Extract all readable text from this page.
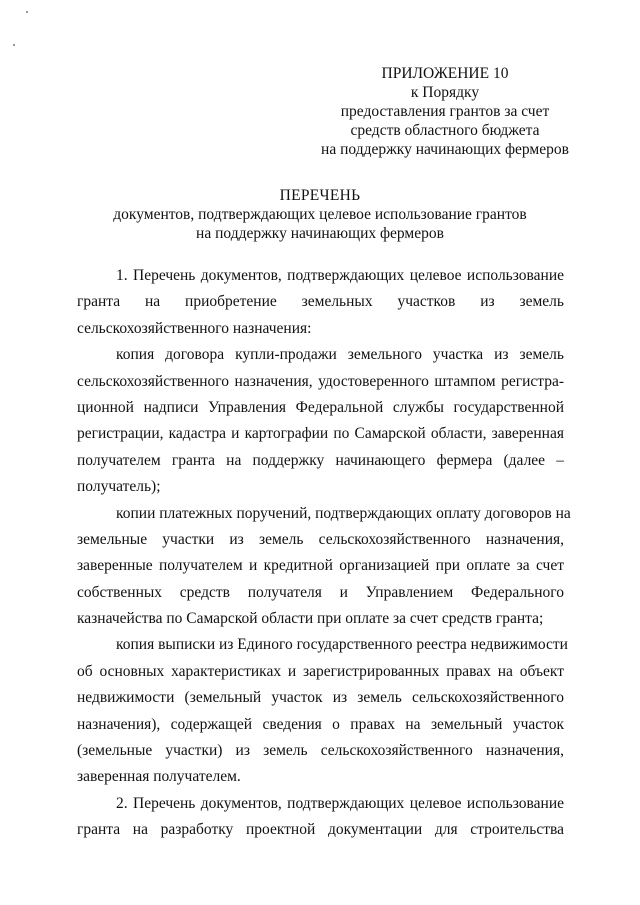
ПРИЛОЖЕНИЕ 10
к Порядку
предоставления грантов за счет
средств областного бюджета
на поддержку начинающих фермеров
ПЕРЕЧЕНЬ
документов, подтверждающих целевое использование грантов
на поддержку начинающих фермеров
1. Перечень документов, подтверждающих целевое использование
гранта на приобретение земельных участков из земель
сельскохозяйственного назначения:
копия договора купли-продажи земельного участка из земель
сельскохозяйственного назначения, удостоверенного штампом регистра-
ционной надписи Управления Федеральной службы государственной
регистрации, кадастра и картографии по Самарской области, заверенная
получателем гранта на поддержку начинающего фермера (далее –
получатель);
копии платежных поручений, подтверждающих оплату договоров на
земельные участки из земель сельскохозяйственного назначения,
заверенные получателем и кредитной организацией при оплате за счет
собственных средств получателя и Управлением Федерального
казначейства по Самарской области при оплате за счет средств гранта;
копия выписки из Единого государственного реестра недвижимости
об основных характеристиках и зарегистрированных правах на объект
недвижимости (земельный участок из земель сельскохозяйственного
назначения), содержащей сведения о правах на земельный участок
(земельные участки) из земель сельскохозяйственного назначения,
заверенная получателем.
2. Перечень документов, подтверждающих целевое использование
гранта на разработку проектной документации для строительства
